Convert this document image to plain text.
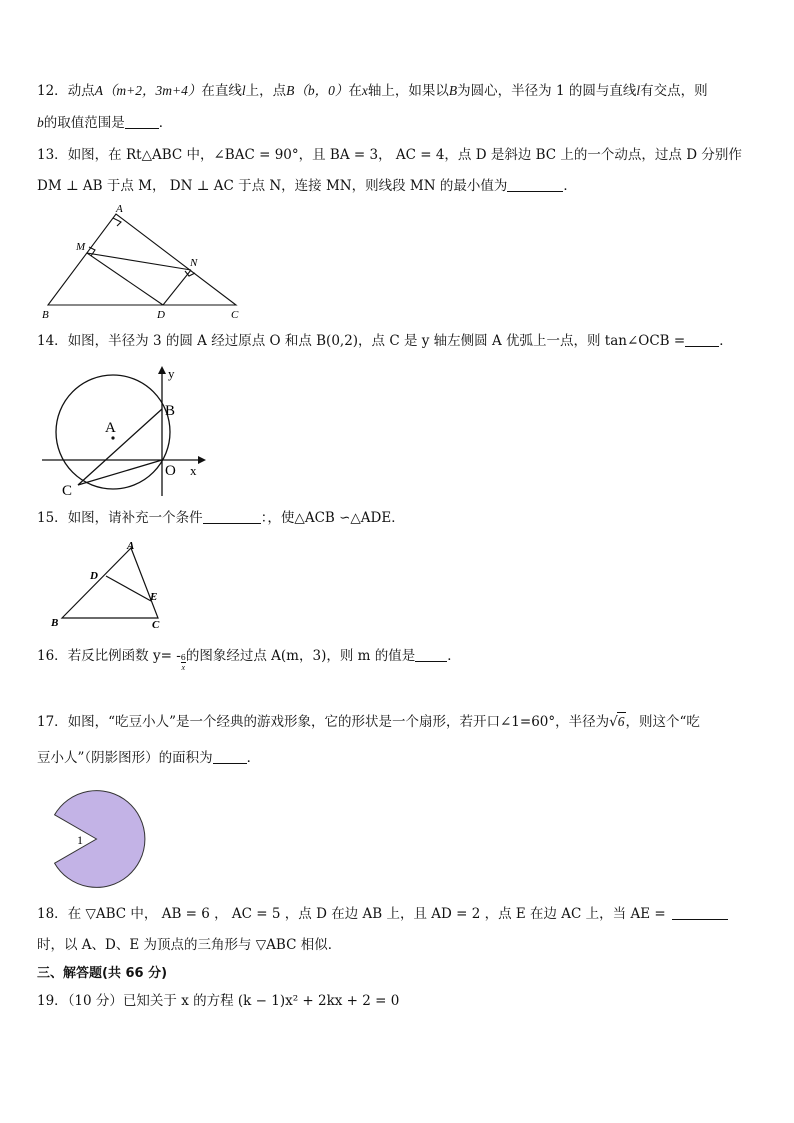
12．动点A（m+2，3m+4）在直线l上，点B（b，0）在x轴上，如果以B为圆心，半径为 1 的圆与直线l有交点，则
b的取值范围是	．
13．如图，在 Rt△ABC 中，∠BAC = 90°，且 BA = 3， AC = 4，点 D 是斜边 BC 上的一个动点，过点 D 分别作
DM ⊥ AB 于点 M， DN ⊥ AC 于点 N，连接 MN，则线段 MN 的最小值为	．
A
M
N
B	D	C
14．如图，半径为 3 的圆 A 经过原点 O 和点 B(0,2)，点 C 是 y 轴左侧圆 A 优弧上一点，则 tan∠OCB =	．
y
B
A
O x
C
15．如图，请补充一个条件	：，使△ACB ∽△ADE．
A
D
E
B	C
16．若反比例函数 $y= - \frac{6}{x}$ 的图象经过点 A(m，3)，则 m 的值是 ．
17．如图，“吃豆小人”是一个经典的游戏形象，它的形状是一个扇形，若开口∠1=60°，半径为√6，则这个“吃
豆小人”（阴影图形）的面积为	．
1
18．在 ▽ABC 中， AB = 6 ， AC = 5 ，点 D 在边 AB 上，且 AD = 2 ，点 E 在边 AC 上，当 AE =
时，以 A、D、E 为顶点的三角形与 ▽ABC 相似．
三、解答题(共 66 分)
19．（10 分）已知关于 x 的方程 (k − 1)x² + 2kx + 2 = 0
